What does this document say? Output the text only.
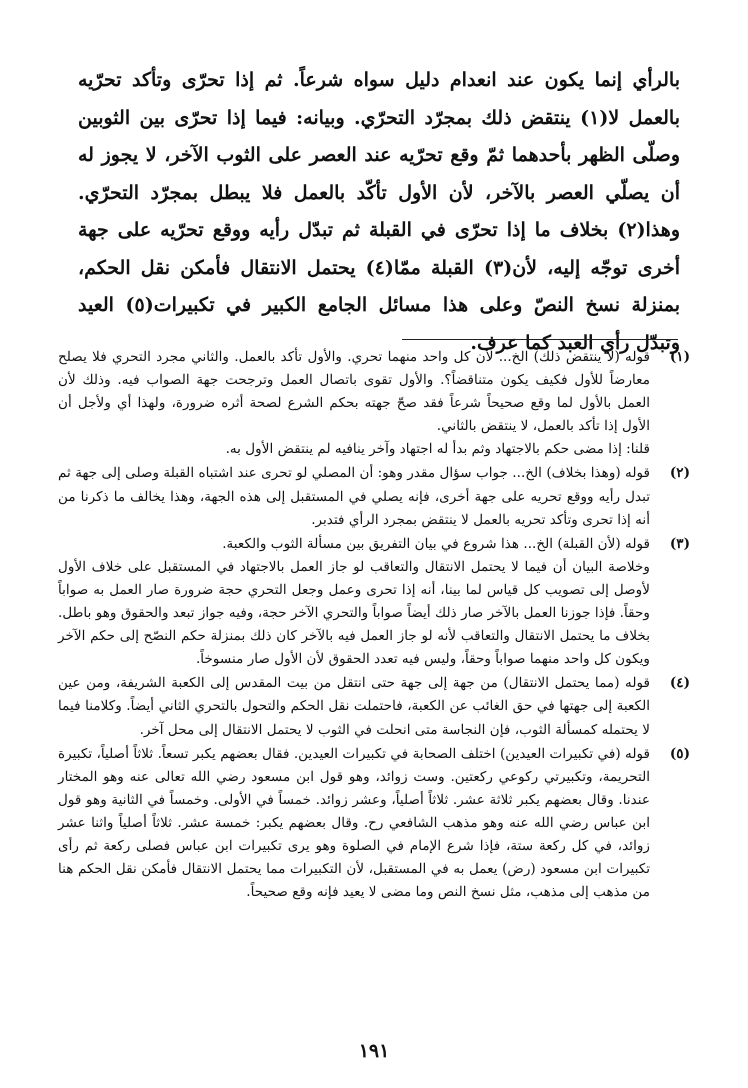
بالرأي إنما يكون عند انعدام دليل سواه شرعاً. ثم إذا تحرّى وتأكد تحرّيه بالعمل لا(١) ينتقض ذلك بمجرّد التحرّي. وبيانه: فيما إذا تحرّى بين الثوبين وصلّى الظهر بأحدهما ثمّ وقع تحرّيه عند العصر على الثوب الآخر، لا يجوز له أن يصلّي العصر بالآخر، لأن الأول تأكّد بالعمل فلا يبطل بمجرّد التحرّي. وهذا(٢) بخلاف ما إذا تحرّى في القبلة ثم تبدّل رأيه ووقع تحرّيه على جهة أخرى توجّه إليه، لأن(٣) القبلة ممّا(٤) يحتمل الانتقال فأمكن نقل الحكم، بمنزلة نسخ النصّ وعلى هذا مسائل الجامع الكبير في تكبيرات(٥) العيد وتبدّل رأي العبد كما عرف.

(١)

قوله (لا ينتقض ذلك) الخ... لأن كل واحد منهما تحري. والأول تأكد بالعمل. والثاني مجرد التحري فلا يصلح معارضاً للأول فكيف يكون متناقضاً؟. والأول تقوى باتصال العمل وترجحت جهة الصواب فيه. وذلك لأن العمل بالأول لما وقع صحيحاً شرعاً فقد صحّ جهته بحكم الشرع لصحة أثره ضرورة، ولهذا أي ولأجل أن الأول إذا تأكد بالعمل، لا ينتقض بالثاني.

قلنا: إذا مضى حكم بالاجتهاد وثم بدأ له اجتهاد وآخر ينافيه لم ينتقض الأول به.

(٢)

قوله (وهذا بخلاف) الخ... جواب سؤال مقدر وهو: أن المصلي لو تحرى عند اشتباه القبلة وصلى إلى جهة ثم تبدل رأيه ووقع تحريه على جهة أخرى، فإنه يصلي في المستقبل إلى هذه الجهة، وهذا يخالف ما ذكرنا من أنه إذا تحرى وتأكد تحريه بالعمل لا ينتقض بمجرد الرأي فتدبر.

(٣)

قوله (لأن القبلة) الخ... هذا شروع في بيان التفريق بين مسألة الثوب والكعبة.

وخلاصة البيان أن فيما لا يحتمل الانتقال والتعاقب لو جاز العمل بالاجتهاد في المستقبل على خلاف الأول لأوصل إلى تصويب كل قياس لما بينا، أنه إذا تحرى وعمل وجعل التحري حجة ضرورة صار العمل به صواباً وحقاً. فإذا جوزنا العمل بالآخر صار ذلك أيضاً صواباً والتحري الآخر حجة، وفيه جواز تبعد والحقوق وهو باطل. بخلاف ما يحتمل الانتقال والتعاقب لأنه لو جاز العمل فيه بالآخر كان ذلك بمنزلة حكم النصّح إلى حكم الآخر ويكون كل واحد منهما صواباً وحقاً، وليس فيه تعدد الحقوق لأن الأول صار منسوخاً.

(٤)

قوله (مما يحتمل الانتقال) من جهة إلى جهة حتى انتقل من بيت المقدس إلى الكعبة الشريفة، ومن عين الكعبة إلى جهتها في حق الغائب عن الكعبة، فاحتملت نقل الحكم والتحول بالتحري الثاني أيضاً. وكلامنا فيما لا يحتمله كمسألة الثوب، فإن النجاسة متى انحلت في الثوب لا يحتمل الانتقال إلى محل آخر.

(٥)

قوله (في تكبيرات العيدين) اختلف الصحابة في تكبيرات العيدين. فقال بعضهم يكبر تسعاً. ثلاثاً أصلياً، تكبيرة التحريمة، وتكبيرتي ركوعي ركعتين. وست زوائد، وهو قول ابن مسعود رضي الله تعالى عنه وهو المختار عندنا. وقال بعضهم يكبر ثلاثة عشر. ثلاثاً أصلياً، وعشر زوائد. خمساً في الأولى. وخمساً في الثانية وهو قول ابن عباس رضي الله عنه وهو مذهب الشافعي رح. وقال بعضهم يكبر: خمسة عشر. ثلاثاً أصلياً واثنا عشر زوائد، في كل ركعة ستة، فإذا شرع الإمام في الصلوة وهو يرى تكبيرات ابن عباس فصلى ركعة ثم رأى تكبيرات ابن مسعود (رض) يعمل به في المستقبل، لأن التكبيرات مما يحتمل الانتقال فأمكن نقل الحكم هنا من مذهب إلى مذهب، مثل نسخ النص وما مضى لا يعيد فإنه وقع صحيحاً.

١٩١
